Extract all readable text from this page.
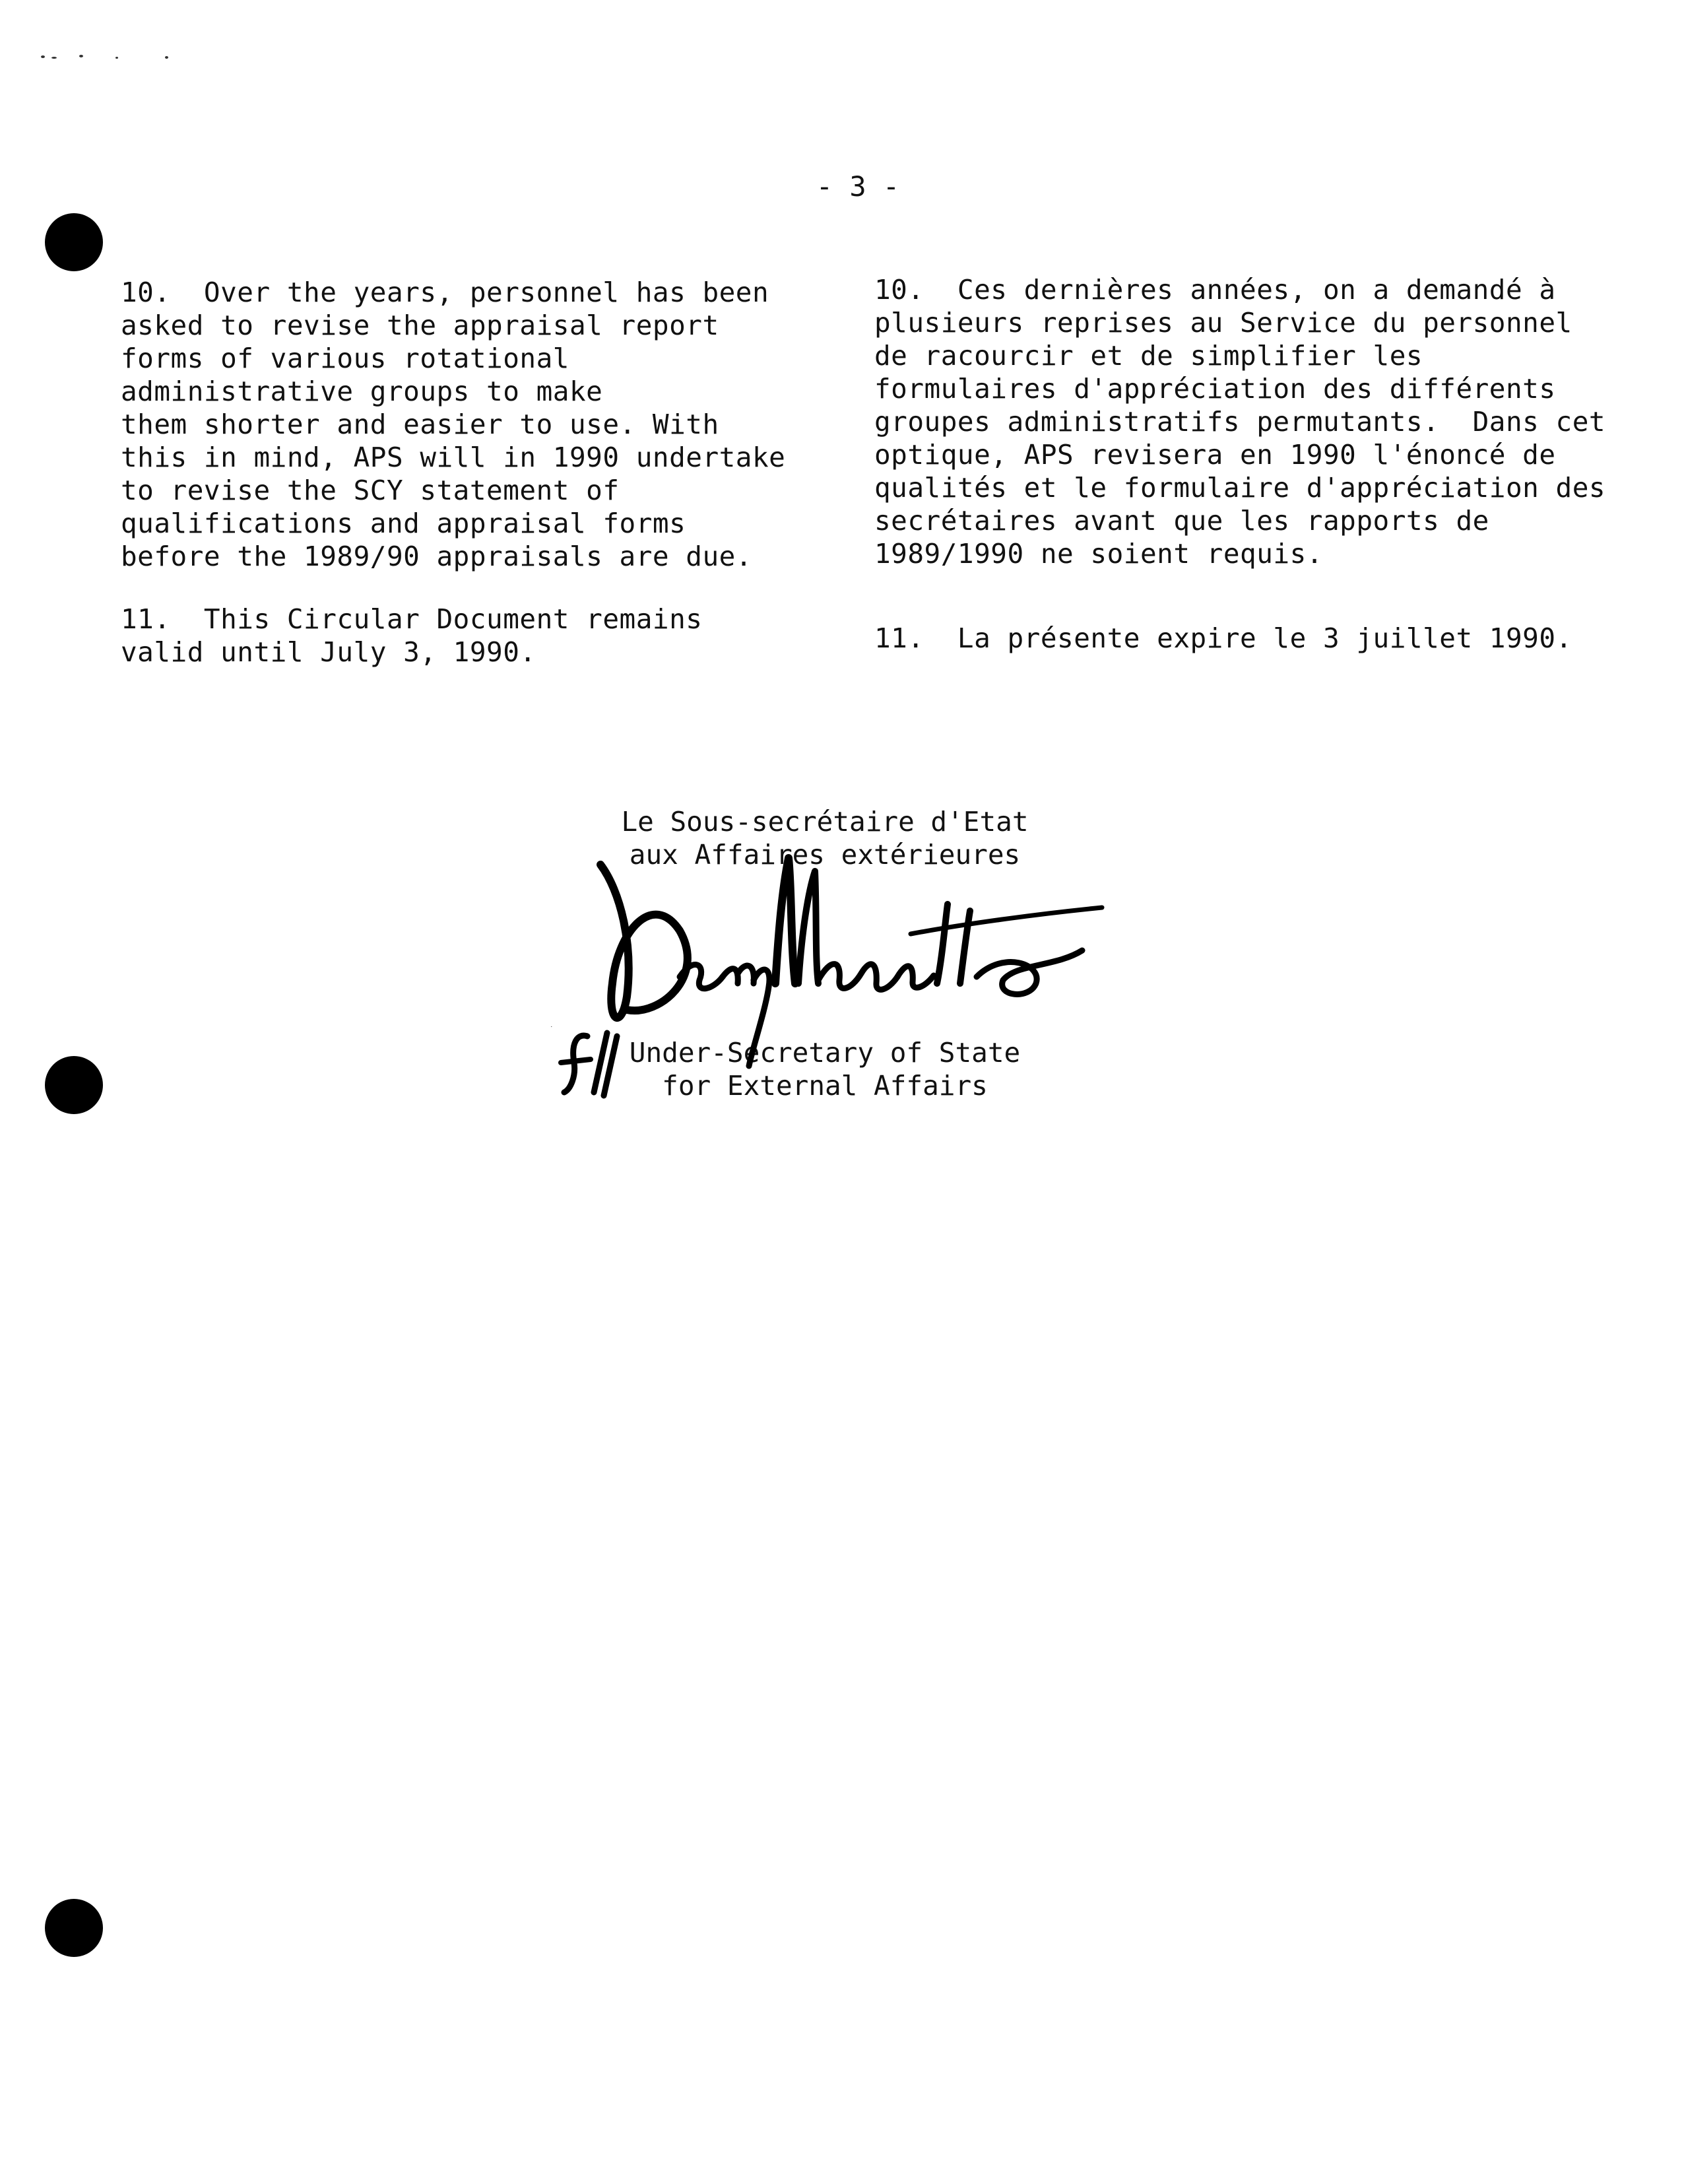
- 3 -
10.  Over the years, personnel has been
asked to revise the appraisal report
forms of various rotational
administrative groups to make
them shorter and easier to use. With
this in mind, APS will in 1990 undertake
to revise the SCY statement of
qualifications and appraisal forms
before the 1989/90 appraisals are due.
11.  This Circular Document remains
valid until July 3, 1990.
10.  Ces dernières années, on a demandé à
plusieurs reprises au Service du personnel
de racourcir et de simplifier les
formulaires d'appréciation des différents
groupes administratifs permutants.  Dans cet
optique, APS revisera en 1990 l'énoncé de
qualités et le formulaire d'appréciation des
secrétaires avant que les rapports de
1989/1990 ne soient requis.
11.  La présente expire le 3 juillet 1990.
Le Sous-secrétaire d'Etat
aux Affaires extérieures
Under-Secretary of State
for External Affairs
f/
